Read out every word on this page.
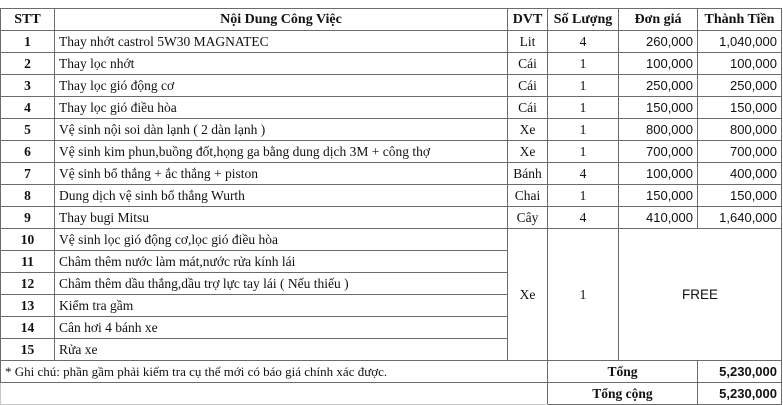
STT	Nội Dung Công Việc	DVT	Số Lượng	Đơn giá	Thành Tiền
1	Thay nhớt castrol 5W30 MAGNATEC	Lit	4	260,000	1,040,000
2	Thay lọc nhớt	Cái	1	100,000	100,000
3	Thay lọc gió động cơ	Cái	1	250,000	250,000
4	Thay lọc gió điều hòa	Cái	1	150,000	150,000
5	Vệ sinh nội soi dàn lạnh ( 2 dàn lạnh )	Xe	1	800,000	800,000
6	Vệ sinh kim phun,buồng đốt,họng ga bằng dung dịch 3M + công thợ	Xe	1	700,000	700,000
7	Vệ sinh bổ thắng + ắc thắng + piston	Bánh	4	100,000	400,000
8	Dung dịch vệ sinh bổ thắng Wurth	Chai	1	150,000	150,000
9	Thay bugi Mitsu	Cây	4	410,000	1,640,000
10	Vệ sinh lọc gió động cơ,lọc gió điều hòa	Xe	1	FREE	
11	Châm thêm nước làm mát,nước rửa kính lái				
12	Châm thêm dầu thắng,dầu trợ lực tay lái ( Nếu thiếu )				
13	Kiểm tra gầm				
14	Cân hơi 4 bánh xe				
15	Rửa xe				
* Ghi chú: phần gầm phải kiểm tra cụ thể mới có báo giá chính xác được.			Tổng		5,230,000
			Tổng cộng		5,230,000
